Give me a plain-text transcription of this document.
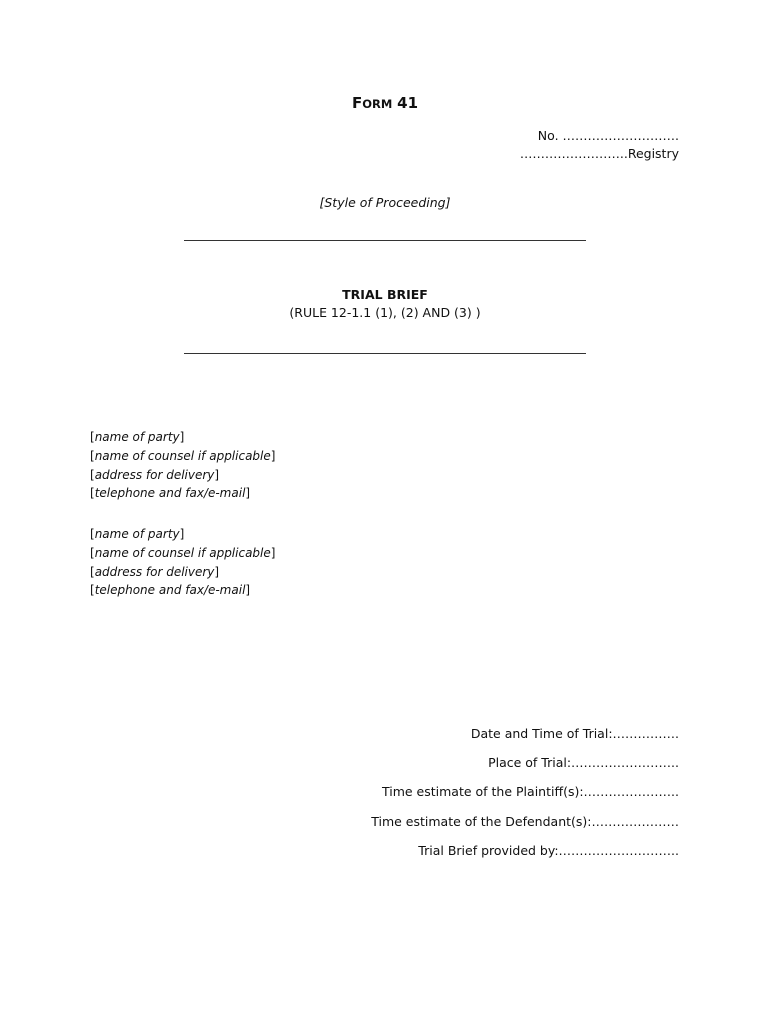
FORM 41
No. ……………………….
……………………..Registry
[Style of Proceeding]
TRIAL BRIEF
(RULE 12-1.1 (1), (2) AND (3) )
[name of party]
[name of counsel if applicable]
[address for delivery]
[telephone and fax/e-mail]
[name of party]
[name of counsel if applicable]
[address for delivery]
[telephone and fax/e-mail]
Date and Time of Trial:…………….
Place of Trial:……………………..
Time estimate of the Plaintiff(s):…………………..
Time estimate of the Defendant(s):…………………
Trial Brief provided by:………………………..
